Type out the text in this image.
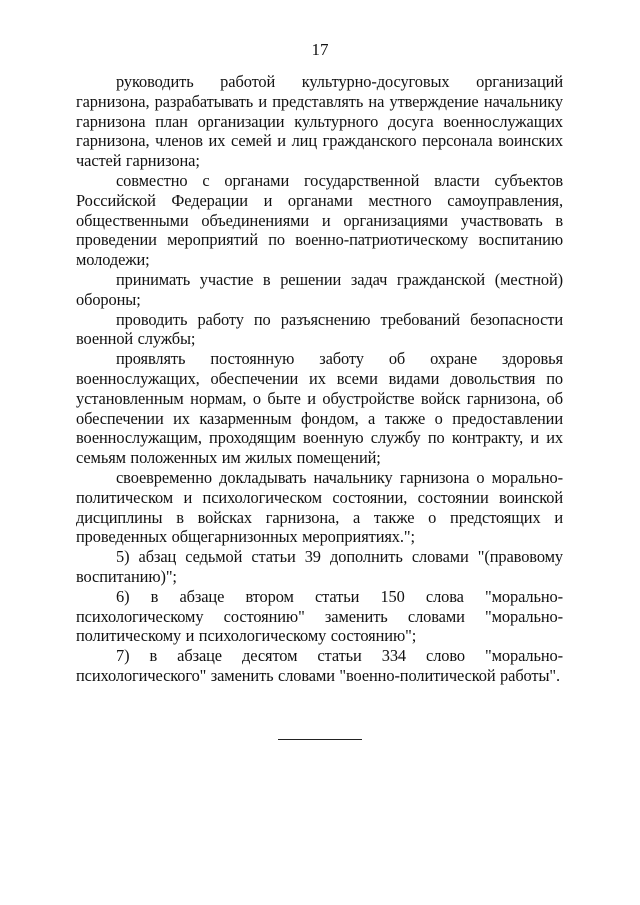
17

руководить работой культурно-досуговых организаций
гарнизона, разрабатывать и представлять на утверждение начальнику
гарнизона план организации культурного досуга военнослужащих
гарнизона, членов их семей и лиц гражданского персонала воинских
частей гарнизона;

совместно с органами государственной власти субъектов
Российской Федерации и органами местного самоуправления,
общественными объединениями и организациями участвовать в
проведении мероприятий по военно-патриотическому воспитанию
молодежи;

принимать участие в решении задач гражданской (местной)
обороны;

проводить работу по разъяснению требований безопасности
военной службы;

проявлять постоянную заботу об охране здоровья
военнослужащих, обеспечении их всеми видами довольствия по
установленным нормам, о быте и обустройстве войск гарнизона, об
обеспечении их казарменным фондом, а также о предоставлении
военнослужащим, проходящим военную службу по контракту, и их
семьям положенных им жилых помещений;

своевременно докладывать начальнику гарнизона о морально-
политическом и психологическом состоянии, состоянии воинской
дисциплины в войсках гарнизона, а также о предстоящих и
проведенных общегарнизонных мероприятиях.";

5) абзац седьмой статьи 39 дополнить словами "(правовому
воспитанию)";

6) в абзаце втором статьи 150 слова "морально-
психологическому состоянию" заменить словами "морально-
политическому и психологическому состоянию";

7) в абзаце десятом статьи 334 слово "морально-
психологического" заменить словами "военно-политической работы".
